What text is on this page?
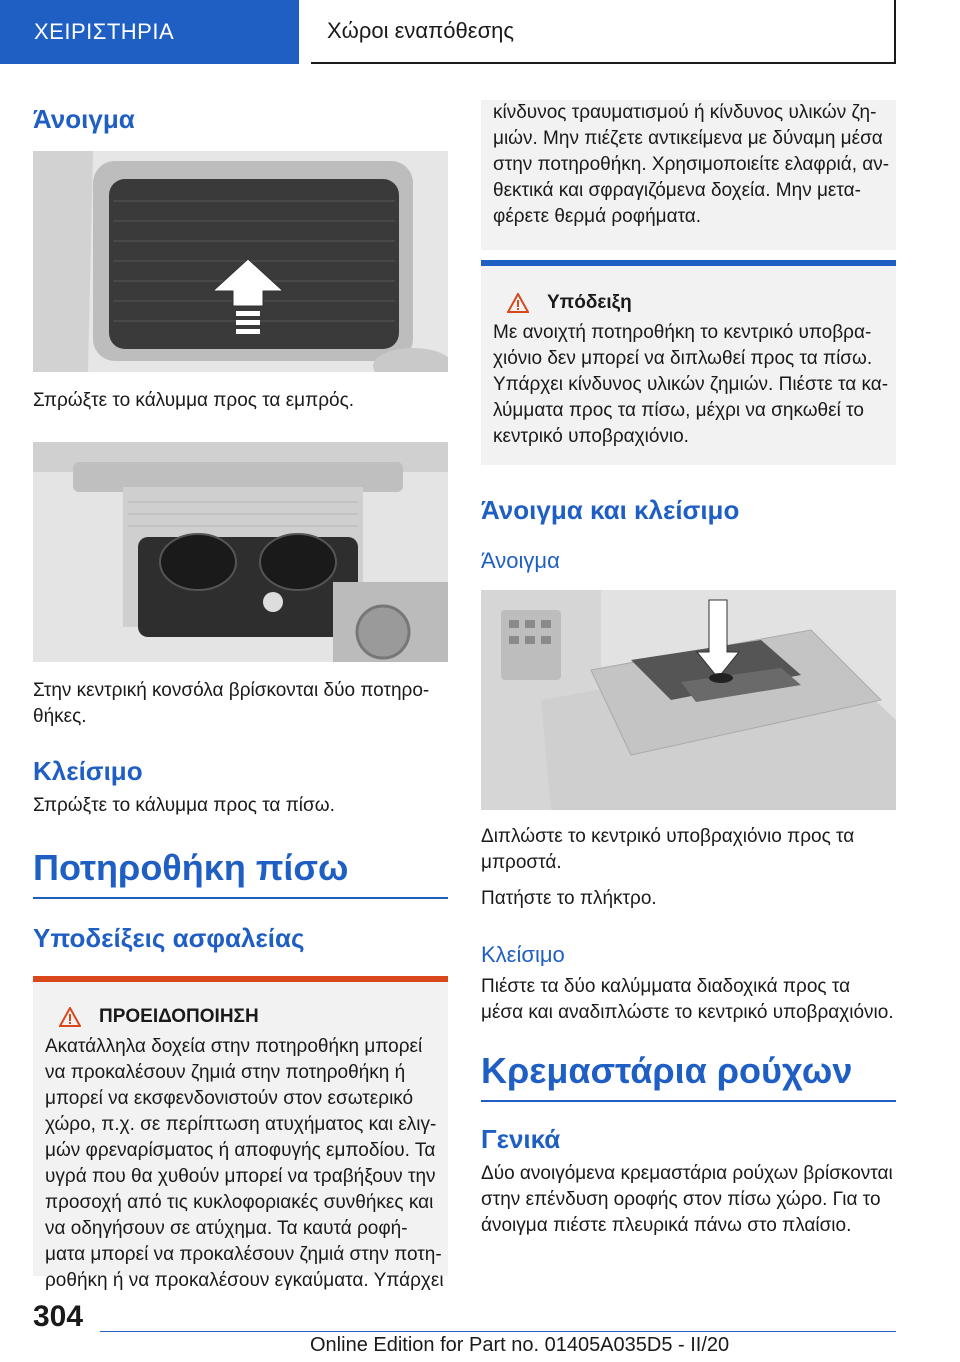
ΧΕΙΡΙΣΤΗΡΙΑ	Χώροι εναπόθεσης
Άνοιγμα

Σπρώξτε το κάλυμμα προς τα εμπρός.

Στην κεντρική κονσόλα βρίσκονται δύο ποτηρο-

θήκες.

Κλείσιμο

Σπρώξτε το κάλυμμα προς τα πίσω.

Ποτηροθήκη πίσω
Υποδείξεις ασφαλείας
ΠΡΟΕΙΔΟΠΟΙΗΣΗ

Ακατάλληλα δοχεία στην ποτηροθήκη μπορεί

να προκαλέσουν ζημιά στην ποτηροθήκη ή

μπορεί να εκσφενδονιστούν στον εσωτερικό

χώρο, π.χ. σε περίπτωση ατυχήματος και ελιγ-

μών φρεναρίσματος ή αποφυγής εμποδίου. Τα

υγρά που θα χυθούν μπορεί να τραβήξουν την

προσοχή από τις κυκλοφοριακές συνθήκες και

να οδηγήσουν σε ατύχημα. Τα καυτά ροφή-

ματα μπορεί να προκαλέσουν ζημιά στην ποτη-

ροθήκη ή να προκαλέσουν εγκαύματα. Υπάρχει

κίνδυνος τραυματισμού ή κίνδυνος υλικών ζη-

μιών. Μην πιέζετε αντικείμενα με δύναμη μέσα

στην ποτηροθήκη. Χρησιμοποιείτε ελαφριά, αν-

θεκτικά και σφραγιζόμενα δοχεία. Μην μετα-

φέρετε θερμά ροφήματα.

Υπόδειξη

Με ανοιχτή ποτηροθήκη το κεντρικό υποβρα-

χιόνιο δεν μπορεί να διπλωθεί προς τα πίσω.

Υπάρχει κίνδυνος υλικών ζημιών. Πιέστε τα κα-

λύμματα προς τα πίσω, μέχρι να σηκωθεί το

κεντρικό υποβραχιόνιο.

Άνοιγμα και κλείσιμο
Άνοιγμα

Διπλώστε το κεντρικό υποβραχιόνιο προς τα

μπροστά.

Πατήστε το πλήκτρο.

Κλείσιμο

Πιέστε τα δύο καλύμματα διαδοχικά προς τα

μέσα και αναδιπλώστε το κεντρικό υποβραχιόνιο.

Κρεμαστάρια ρούχων
Γενικά

Δύο ανοιγόμενα κρεμαστάρια ρούχων βρίσκονται

στην επένδυση οροφής στον πίσω χώρο. Για το

άνοιγμα πιέστε πλευρικά πάνω στο πλαίσιο.

304
Online Edition for Part no. 01405A035D5 - II/20
